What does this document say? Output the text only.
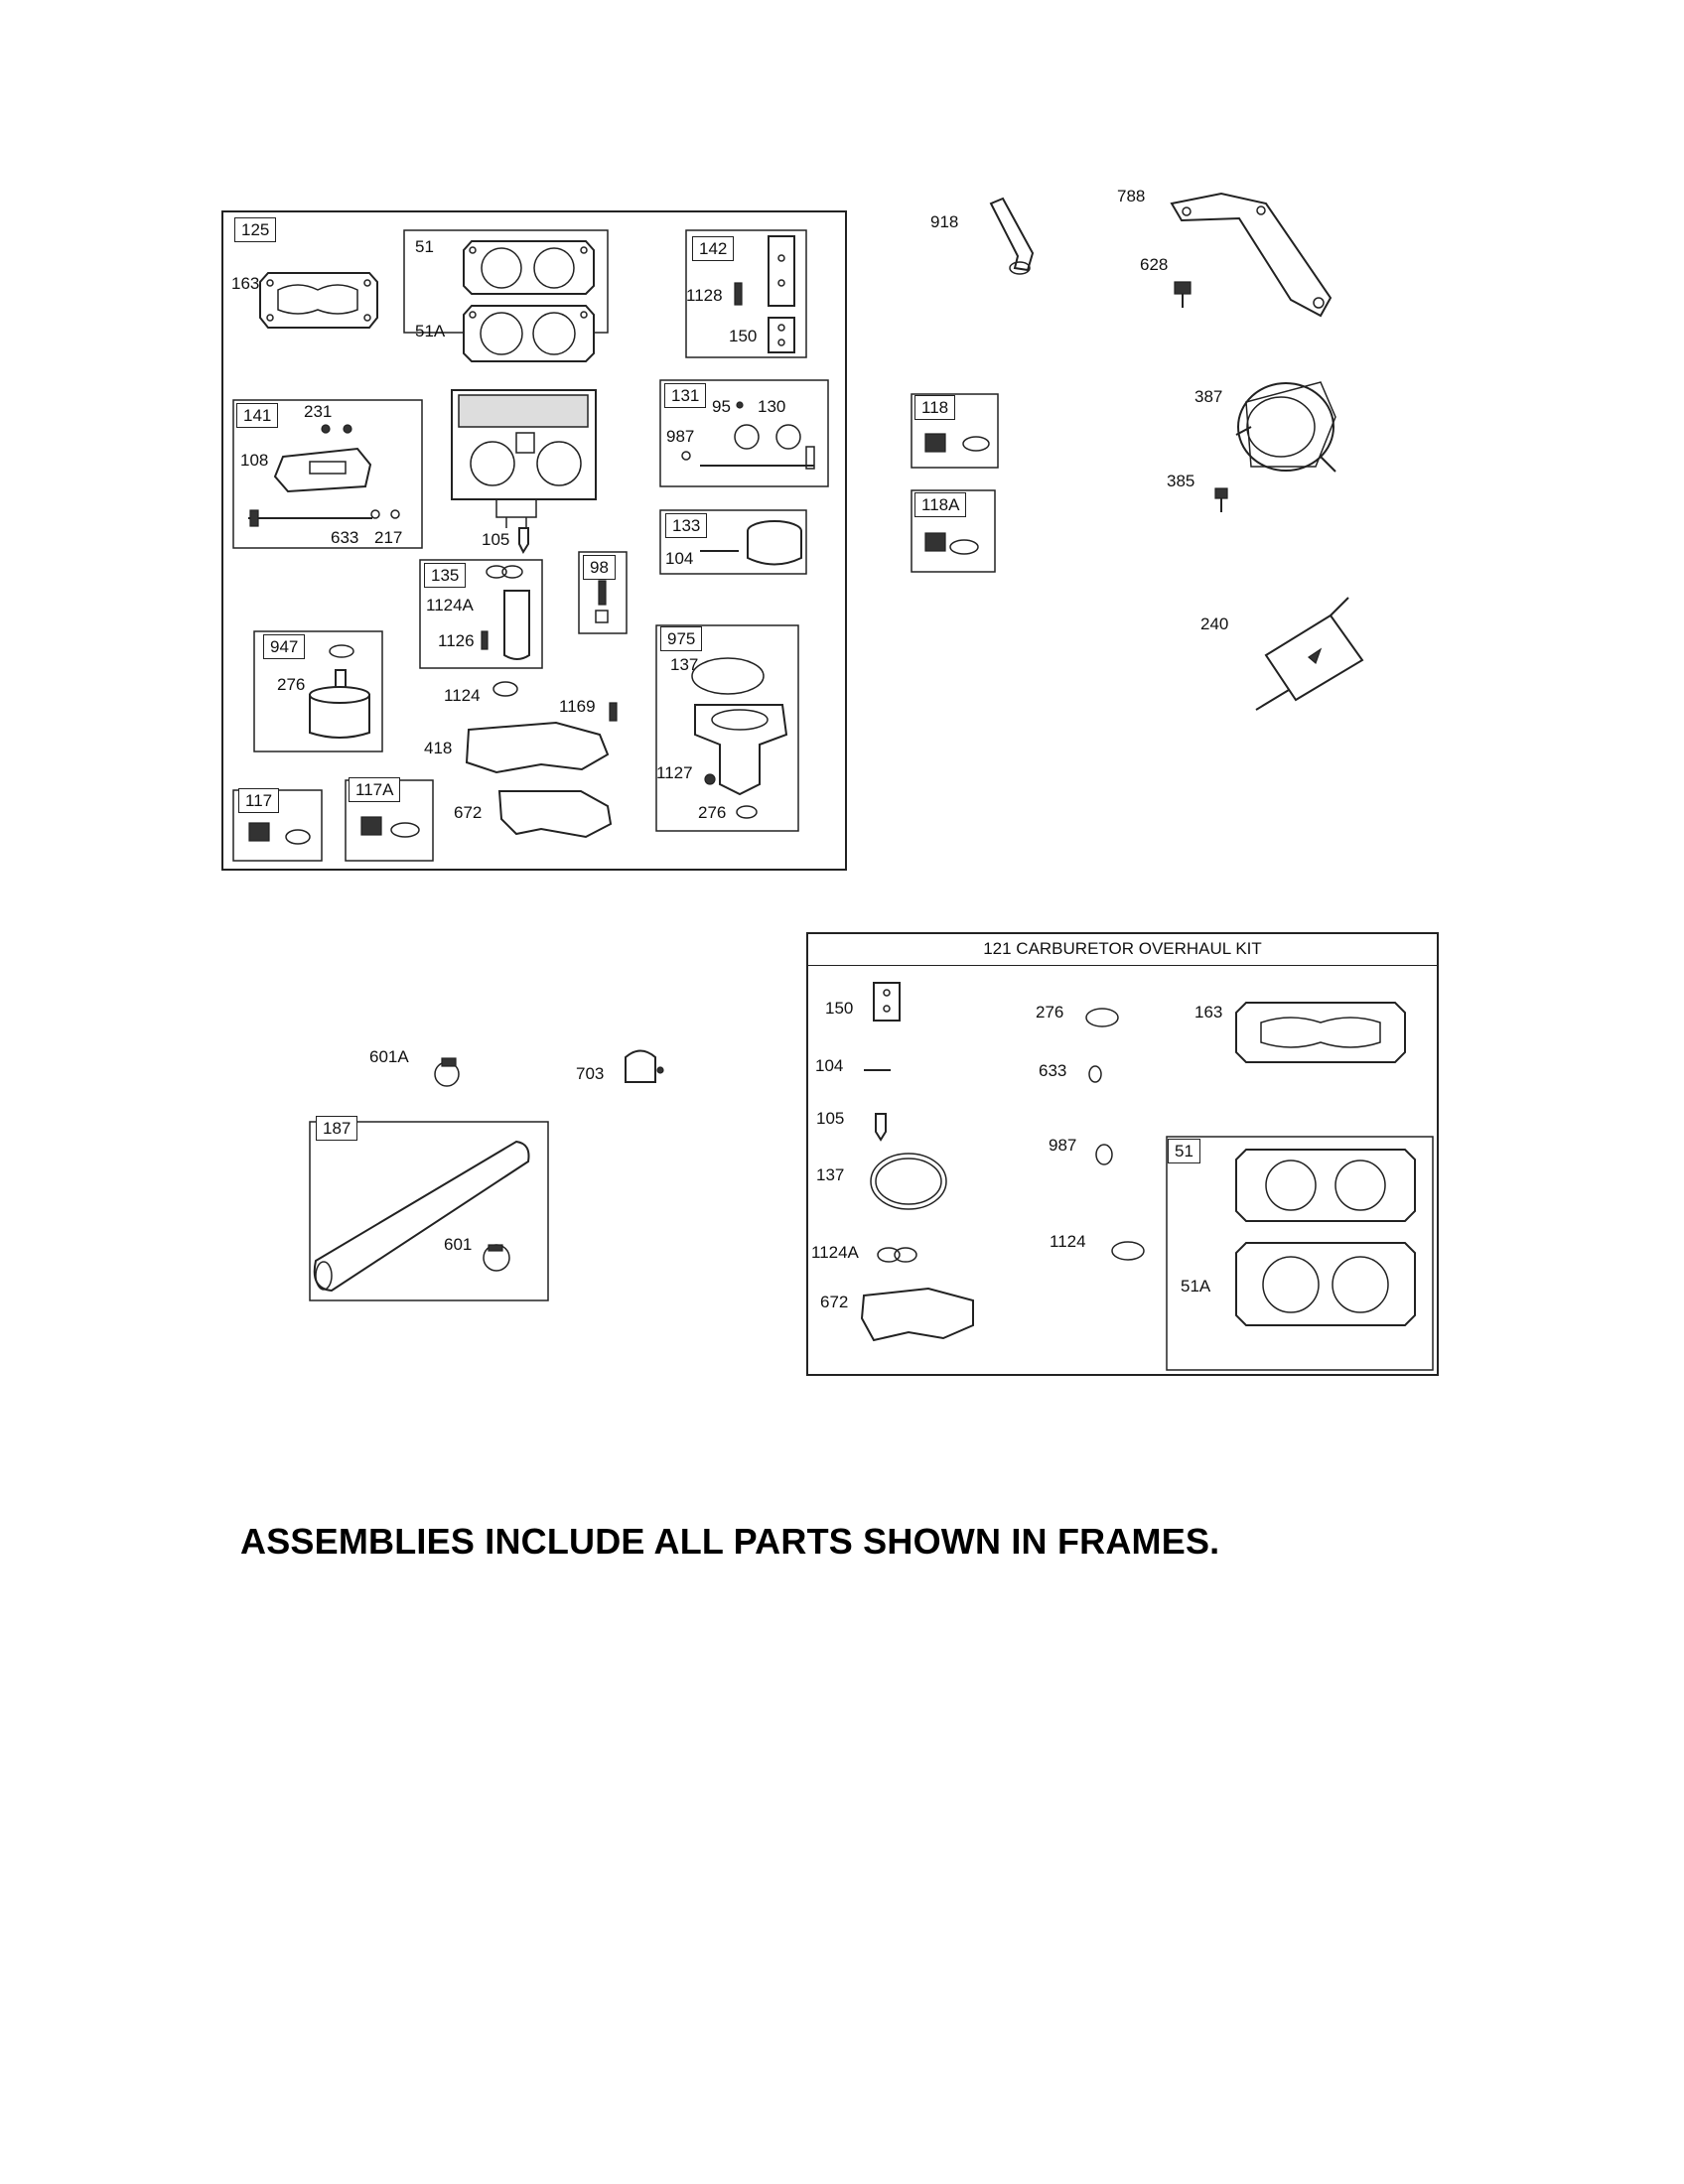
125
163
51
51A
142
1128
150
141	231
108
633 217
131
95 130
987
105
133
104
135
1124A
1126
98
947
276
975
137
1127
276
1124
1169
418
672
117
117A
918
788
628
387
385
240
118
118A
601A
703
187
601
121 CARBURETOR OVERHAUL KIT
150
104
105
137
1124A
672
276
633
987
1124
163
51
51A
ASSEMBLIES INCLUDE ALL PARTS SHOWN IN FRAMES.
